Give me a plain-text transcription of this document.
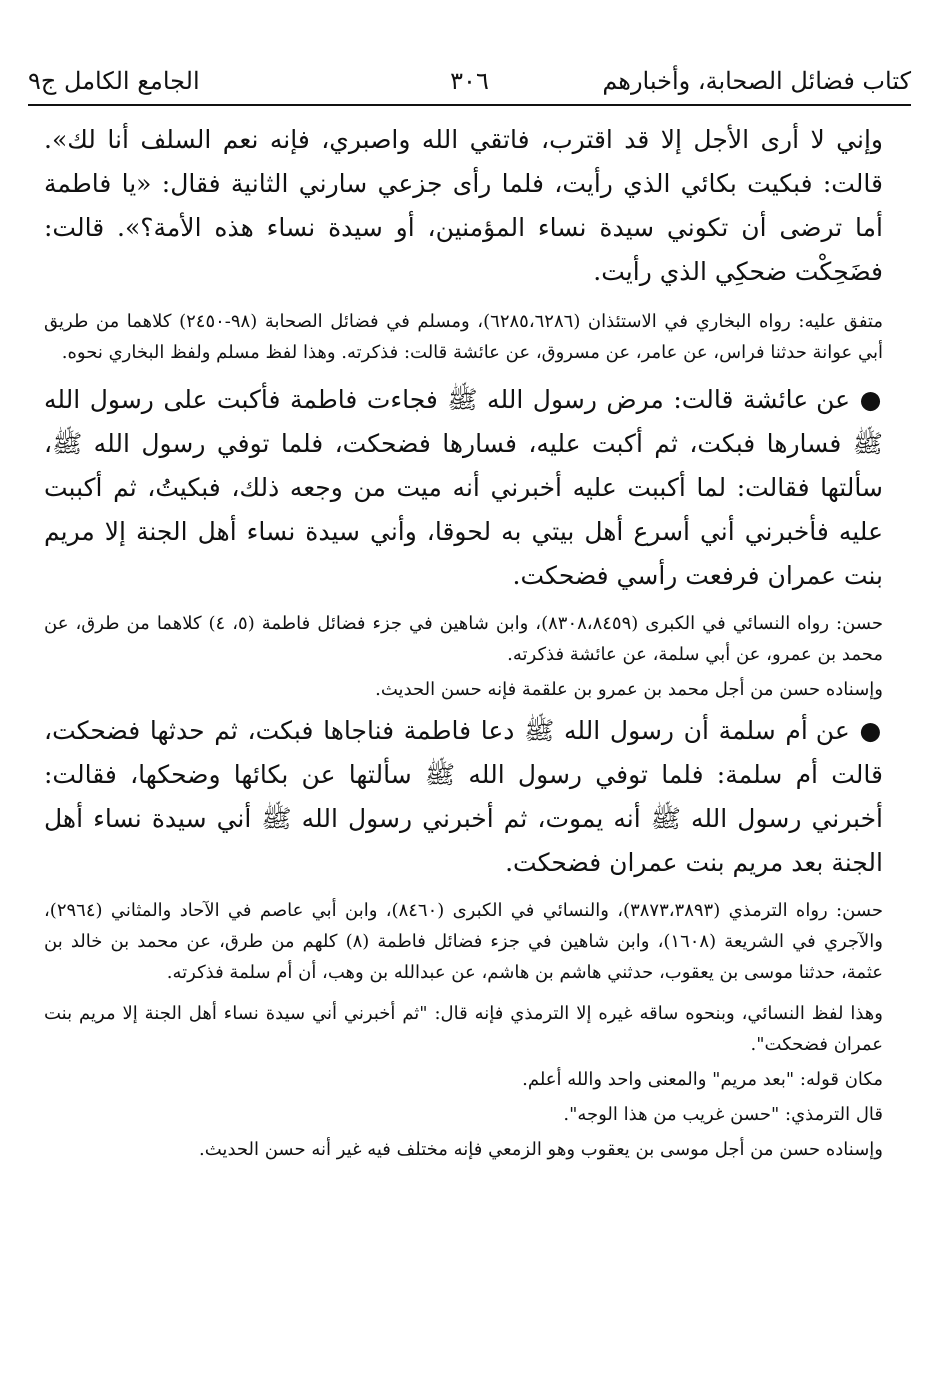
الجامع الكامل ج٩	٣٠٦	كتاب فضائل الصحابة، وأخبارهم

وإني لا أرى الأجل إلا قد اقترب، فاتقي الله واصبري، فإنه نعم السلف أنا لك». قالت: فبكيت بكائي الذي رأيت، فلما رأى جزعي سارني الثانية فقال: «يا فاطمة أما ترضى أن تكوني سيدة نساء المؤمنين، أو سيدة نساء هذه الأمة؟». قالت: فضَحِكْت ضحكِي الذي رأيت.

متفق عليه: رواه البخاري في الاستئذان (٦٢٨٥،٦٢٨٦)، ومسلم في فضائل الصحابة (٩٨-٢٤٥٠) كلاهما من طريق أبي عوانة حدثنا فراس، عن عامر، عن مسروق، عن عائشة قالت: فذكرته. وهذا لفظ مسلم ولفظ البخاري نحوه.

● عن عائشة قالت: مرض رسول الله ﷺ فجاءت فاطمة فأكبت على رسول الله ﷺ فسارها فبكت، ثم أكبت عليه، فسارها فضحكت، فلما توفي رسول الله ﷺ، سألتها فقالت: لما أكببت عليه أخبرني أنه ميت من وجعه ذلك، فبكيتُ، ثم أكببت عليه فأخبرني أني أسرع أهل بيتي به لحوقا، وأني سيدة نساء أهل الجنة إلا مريم بنت عمران فرفعت رأسي فضحكت.

حسن: رواه النسائي في الكبرى (٨٣٠٨،٨٤٥٩)، وابن شاهين في جزء فضائل فاطمة (٥، ٤) كلاهما من طرق، عن محمد بن عمرو، عن أبي سلمة، عن عائشة فذكرته.

وإسناده حسن من أجل محمد بن عمرو بن علقمة فإنه حسن الحديث.

● عن أم سلمة أن رسول الله ﷺ دعا فاطمة فناجاها فبكت، ثم حدثها فضحكت، قالت أم سلمة: فلما توفي رسول الله ﷺ سألتها عن بكائها وضحكها، فقالت: أخبرني رسول الله ﷺ أنه يموت، ثم أخبرني رسول الله ﷺ أني سيدة نساء أهل الجنة بعد مريم بنت عمران فضحكت.

حسن: رواه الترمذي (٣٨٧٣،٣٨٩٣)، والنسائي في الكبرى (٨٤٦٠)، وابن أبي عاصم في الآحاد والمثاني (٢٩٦٤)، والآجري في الشريعة (١٦٠٨)، وابن شاهين في جزء فضائل فاطمة (٨) كلهم من طرق، عن محمد بن خالد بن عثمة، حدثنا موسى بن يعقوب، حدثني هاشم بن هاشم، عن عبدالله بن وهب، أن أم سلمة فذكرته.

وهذا لفظ النسائي، وبنحوه ساقه غيره إلا الترمذي فإنه قال: "ثم أخبرني أني سيدة نساء أهل الجنة إلا مريم بنت عمران فضحكت".

مكان قوله: "بعد مريم" والمعنى واحد والله أعلم.

قال الترمذي: "حسن غريب من هذا الوجه".

وإسناده حسن من أجل موسى بن يعقوب وهو الزمعي فإنه مختلف فيه غير أنه حسن الحديث.
